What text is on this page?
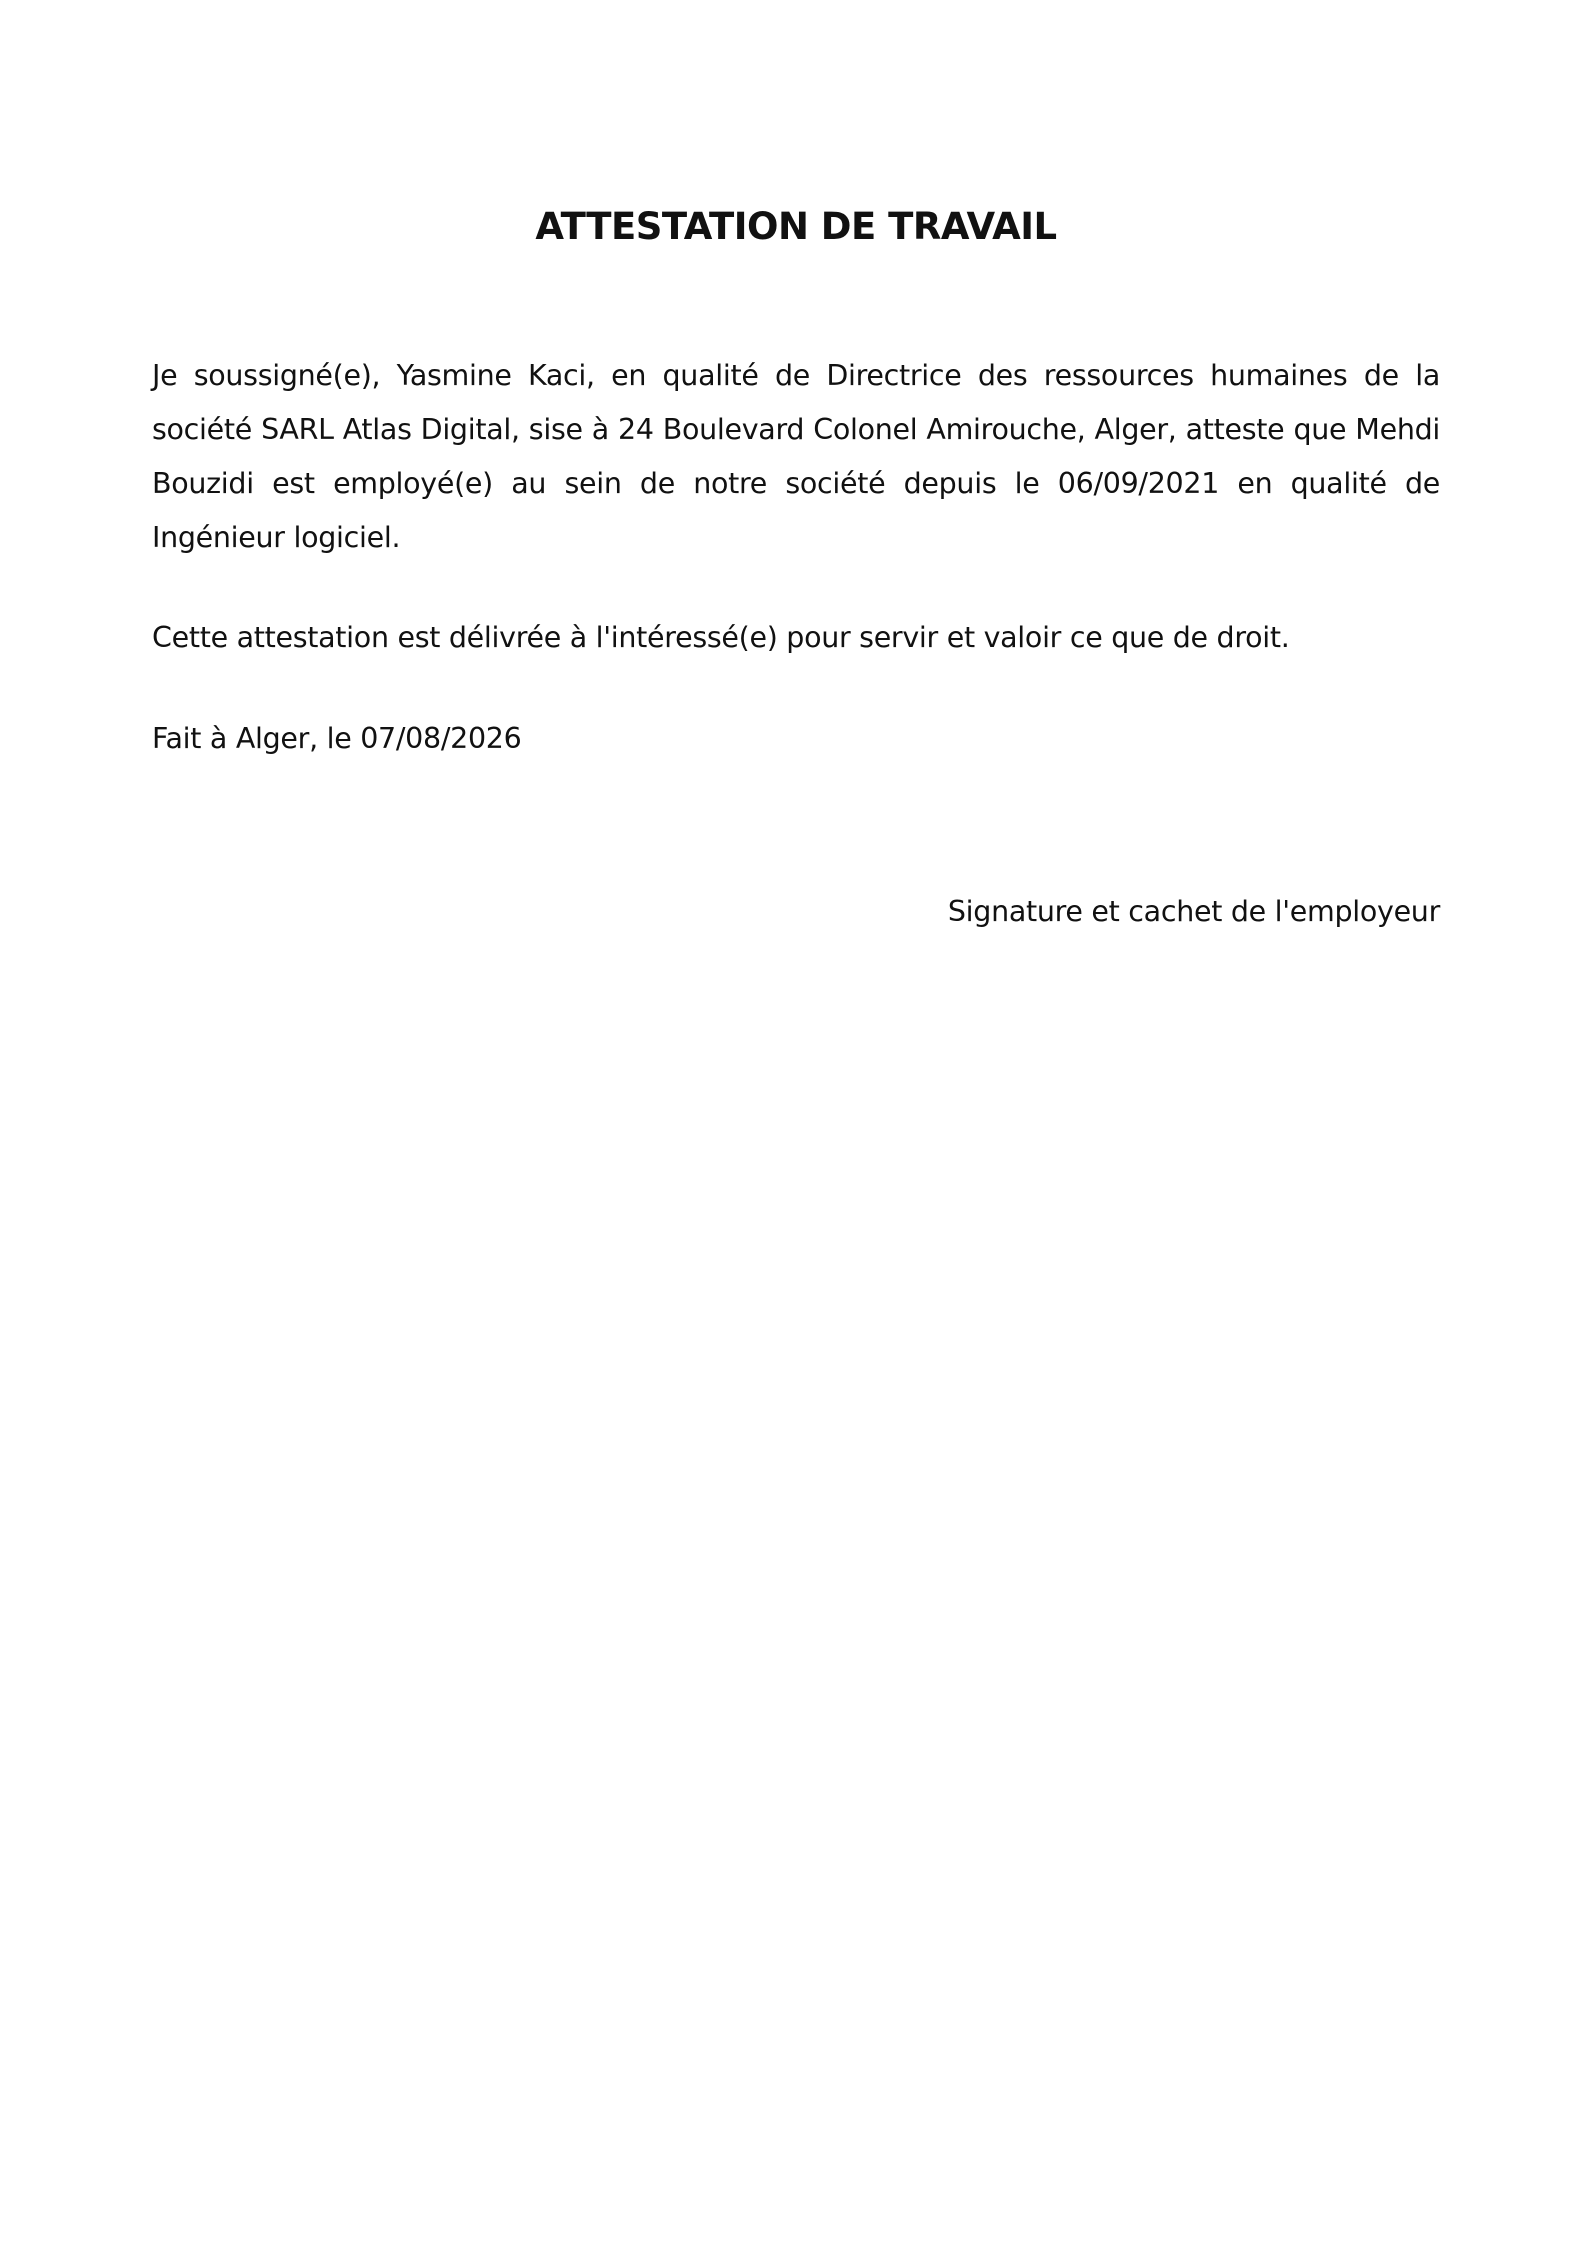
ATTESTATION DE TRAVAIL

Je soussigné(e), Yasmine Kaci, en qualité de Directrice des ressources humaines de la société SARL Atlas Digital, sise à 24 Boulevard Colonel Amirouche, Alger, atteste que Mehdi Bouzidi est employé(e) au sein de notre société depuis le 06/09/2021 en qualité de Ingénieur logiciel.

Cette attestation est délivrée à l'intéressé(e) pour servir et valoir ce que de droit.

Fait à Alger, le 07/08/2026

Signature et cachet de l'employeur
